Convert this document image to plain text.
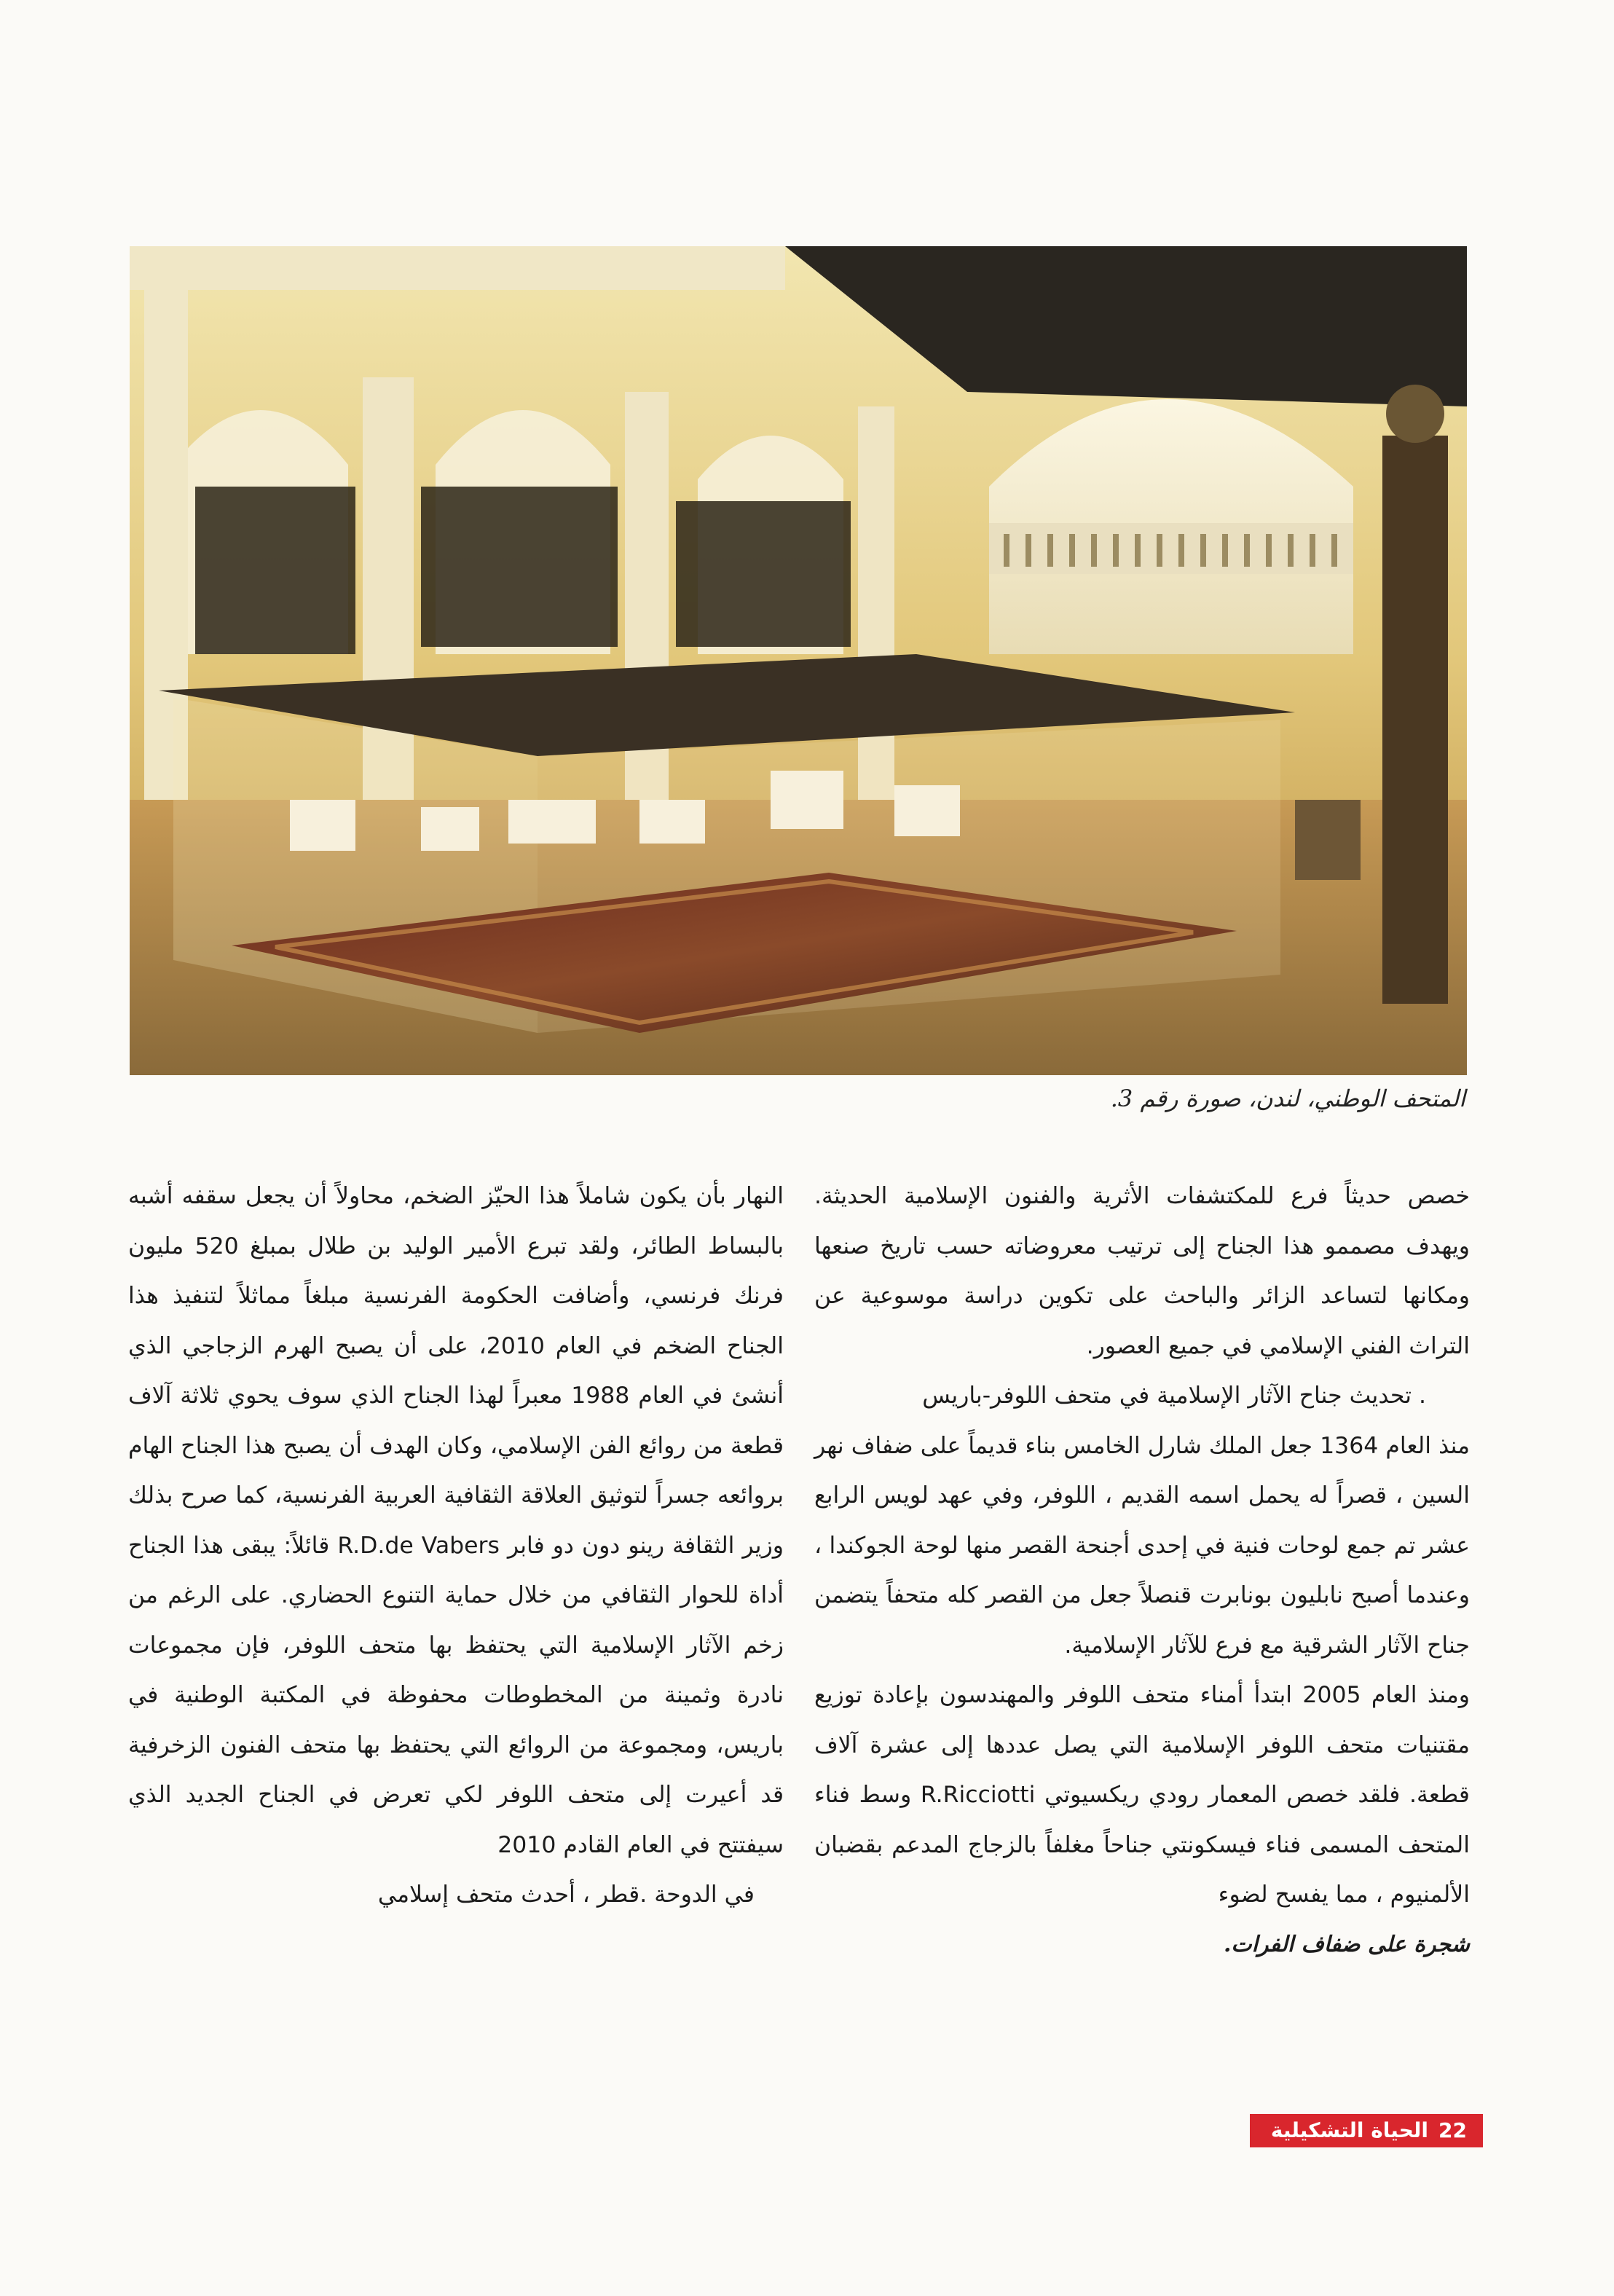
المتحف الوطني، لندن، صورة رقم 3.

خصص حديثاً فرع للمكتشفات الأثرية والفنون الإسلامية الحديثة. ويهدف مصممو هذا الجناح إلى ترتيب معروضاته حسب تاريخ صنعها ومكانها لتساعد الزائر والباحث على تكوين دراسة موسوعية عن التراث الفني الإسلامي في جميع العصور.

. تحديث جناح الآثار الإسلامية في متحف اللوفر-باريس

منذ العام 1364 جعل الملك شارل الخامس بناء قديماً على ضفاف نهر السين ، قصراً له يحمل اسمه القديم ، اللوفر، وفي عهد لويس الرابع عشر تم جمع لوحات فنية في إحدى أجنحة القصر منها لوحة الجوكندا ، وعندما أصبح نابليون بونابرت قنصلاً جعل من القصر كله متحفاً يتضمن جناح الآثار الشرقية مع فرع للآثار الإسلامية.

ومنذ العام 2005 ابتدأ أمناء متحف اللوفر والمهندسون بإعادة توزيع مقتنيات متحف اللوفر الإسلامية التي يصل عددها إلى عشرة آلاف قطعة. فلقد خصص المعمار رودي ريكسيوتي R.Ricciotti وسط فناء المتحف المسمى فناء فيسكونتي جناحاً مغلفاً بالزجاج المدعم بقضبان الألمنيوم ، مما يفسح لضوء

شجرة على ضفاف الفرات.

النهار بأن يكون شاملاً هذا الحيّز الضخم، محاولاً أن يجعل سقفه أشبه بالبساط الطائر، ولقد تبرع الأمير الوليد بن طلال بمبلغ 520 مليون فرنك فرنسي، وأضافت الحكومة الفرنسية مبلغاً مماثلاً لتنفيذ هذا الجناح الضخم في العام 2010، على أن يصبح الهرم الزجاجي الذي أنشئ في العام 1988 معبراً لهذا الجناح الذي سوف يحوي ثلاثة آلاف قطعة من روائع الفن الإسلامي، وكان الهدف أن يصبح هذا الجناح الهام بروائعه جسراً لتوثيق العلاقة الثقافية العربية الفرنسية، كما صرح بذلك وزير الثقافة رينو دون دو فابر R.D.de Vabers قائلاً: يبقى هذا الجناح أداة للحوار الثقافي من خلال حماية التنوع الحضاري. على الرغم من زخم الآثار الإسلامية التي يحتفظ بها متحف اللوفر، فإن مجموعات نادرة وثمينة من المخطوطات محفوظة في المكتبة الوطنية في باريس، ومجموعة من الروائع التي يحتفظ بها متحف الفنون الزخرفية قد أعيرت إلى متحف اللوفر لكي تعرض في الجناح الجديد الذي سيفتتح في العام القادم 2010

في الدوحة .قطر ، أحدث متحف إسلامي

22
الحياة التشكيلية
